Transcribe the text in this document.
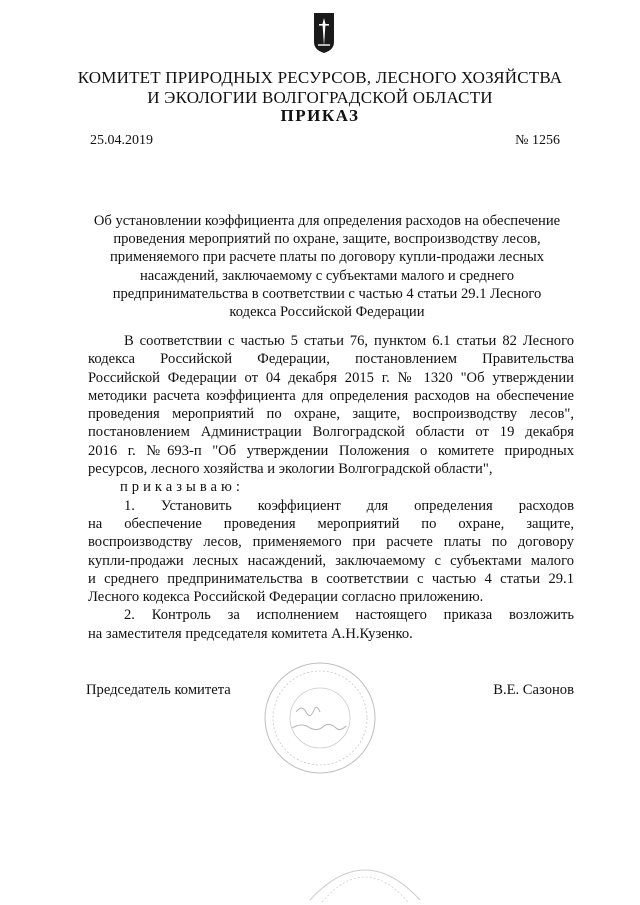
КОМИТЕТ ПРИРОДНЫХ РЕСУРСОВ, ЛЕСНОГО ХОЗЯЙСТВА
И ЭКОЛОГИИ ВОЛГОГРАДСКОЙ ОБЛАСТИ
ПРИКАЗ
25.04.2019	№ 1256
Об установлении коэффициента для определения расходов на обеспечение
проведения мероприятий по охране, защите, воспроизводству лесов,
применяемого при расчете платы по договору купли-продажи лесных
насаждений, заключаемому с субъектами малого и среднего
предпринимательства в соответствии с частью 4 статьи 29.1 Лесного
кодекса Российской Федерации
В соответствии с частью 5 статьи 76, пунктом 6.1 статьи 82 Лесного
кодекса Российской Федерации, постановлением Правительства
Российской Федерации от 04 декабря 2015 г. № 1320 "Об утверждении
методики расчета коэффициента для определения расходов на обеспечение
проведения мероприятий по охране, защите, воспроизводству лесов",
постановлением Администрации Волгоградской области от 19 декабря
2016 г. №693-п "Об утверждении Положения о комитете природных
ресурсов, лесного хозяйства и экологии Волгоградской области",
приказываю:
1. Установить коэффициент для определения расходов
на обеспечение проведения мероприятий по охране, защите,
воспроизводству лесов, применяемого при расчете платы по договору
купли-продажи лесных насаждений, заключаемому с субъектами малого
и среднего предпринимательства в соответствии с частью 4 статьи 29.1
Лесного кодекса Российской Федерации согласно приложению.
2. Контроль за исполнением настоящего приказа возложить
на заместителя председателя комитета А.Н.Кузенко.
Председатель комитета	В.Е. Сазонов
